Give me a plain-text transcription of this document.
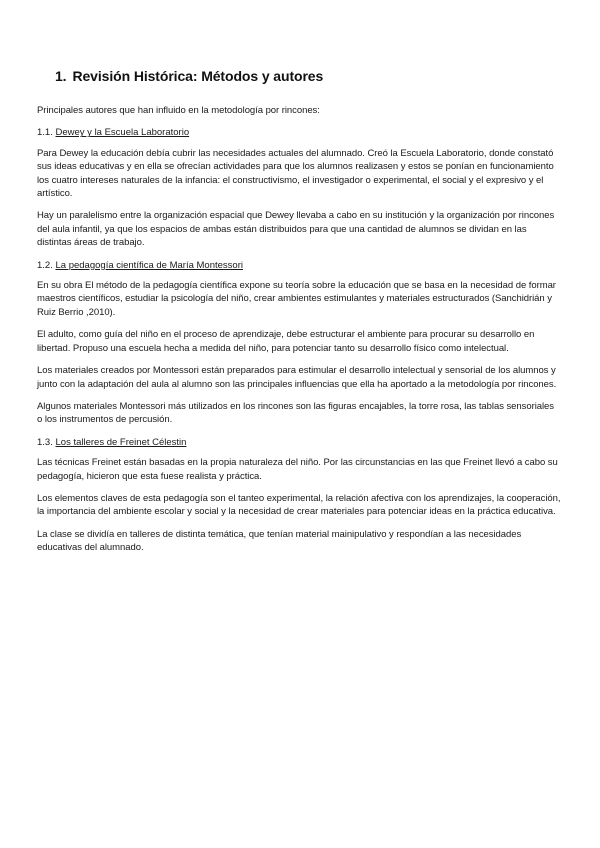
1. Revisión Histórica: Métodos y autores

Principales autores que han influido en la metodología por rincones:

1.1. Dewey y la Escuela Laboratorio

Para Dewey la educación debía cubrir las necesidades actuales del alumnado. Creó la Escuela Laboratorio, donde constató sus ideas educativas y en ella se ofrecían actividades para que los alumnos realizasen y estos se ponían en funcionamiento los cuatro intereses naturales de la infancia: el constructivismo, el investigador o experimental, el social y el expresivo y el artístico.

Hay un paralelismo entre la organización espacial que Dewey llevaba a cabo en su institución y la organización por rincones del aula infantil, ya que los espacios de ambas están distribuidos para que una cantidad de alumnos se dividan en las distintas áreas de trabajo.

1.2. La pedagogía científica de María Montessori

En su obra El método de la pedagogía científica expone su teoría sobre la educación que se basa en la necesidad de formar maestros científicos, estudiar la psicología del niño, crear ambientes estimulantes y materiales estructurados (Sanchidrián y Ruiz Berrio ,2010).

El adulto, como guía del niño en el proceso de aprendizaje, debe estructurar el ambiente para procurar su desarrollo en libertad. Propuso una escuela hecha a medida del niño, para potenciar tanto su desarrollo físico como intelectual.

Los materiales creados por Montessori están preparados para estimular el desarrollo intelectual y sensorial de los alumnos y junto con la adaptación del aula al alumno son las principales influencias que ella ha aportado a la metodología por rincones.

Algunos materiales Montessori más utilizados en los rincones son las figuras encajables, la torre rosa, las tablas sensoriales o los instrumentos de percusión.

1.3. Los talleres de Freinet Célestin

Las técnicas Freinet están basadas en la propia naturaleza del niño. Por las circunstancias en las que Freinet llevó a cabo su pedagogía, hicieron que esta fuese realista y práctica.

Los elementos claves de esta pedagogía son el tanteo experimental, la relación afectiva con los aprendizajes, la cooperación, la importancia del ambiente escolar y social y la necesidad de crear materiales para potenciar ideas en la práctica educativa.

La clase se dividía en talleres de distinta temática, que tenían material mainipulativo y respondían a las necesidades educativas del alumnado.
